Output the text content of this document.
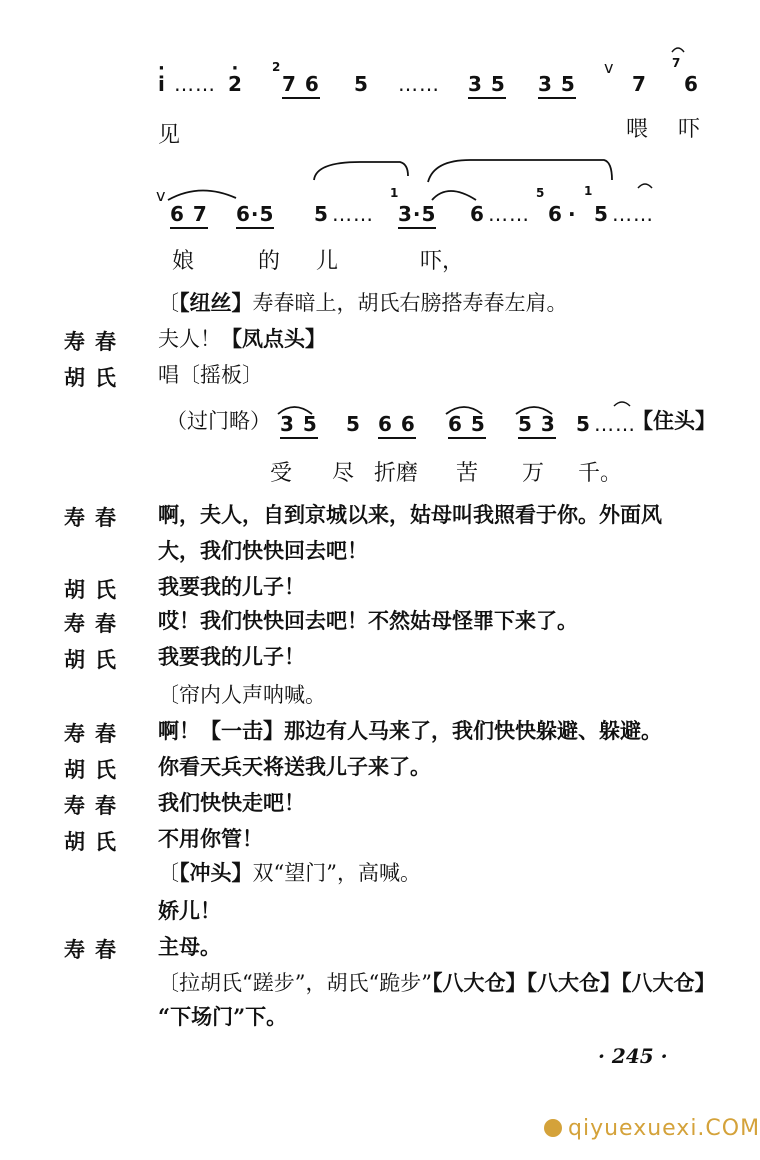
· i ……
· 2
2
7 6 5 …… 3 5 3 5
v
7
7
6
见	喂 吓
v
6 7 6·5 5 ……
1
3·5 6 ……
5
6 ·
1
5 ……
娘	的 儿	吓，
（过门略） 3 5 5 6 6 6 5 5 3 5 ……
【住头】
受 尽 折磨 苦 万 千。
· 245 ·
qiyuexuexi.COM
〔【纽丝】寿春暗上，胡氏右膀搭寿春左肩。
寿春 夫人！【凤点头】
胡氏 唱〔摇板〕
寿春 啊，夫人，自到京城以来，姑母叫我照看于你。外面风
大，我们快快回去吧！
胡氏 我要我的儿子！
寿春 哎！我们快快回去吧！不然姑母怪罪下来了。
胡氏 我要我的儿子！
〔帘内人声呐喊。
寿春 啊！【一击】那边有人马来了，我们快快躲避、躲避。
胡氏 你看天兵天将送我儿子来了。
寿春 我们快快走吧！
胡氏 不用你管！
〔【冲头】双“望门”，高喊。
娇儿！
寿春 主母。
〔拉胡氏“蹉步”，胡氏“跪步”【八大仓】【八大仓】【八大仓】
“下场门”下。
